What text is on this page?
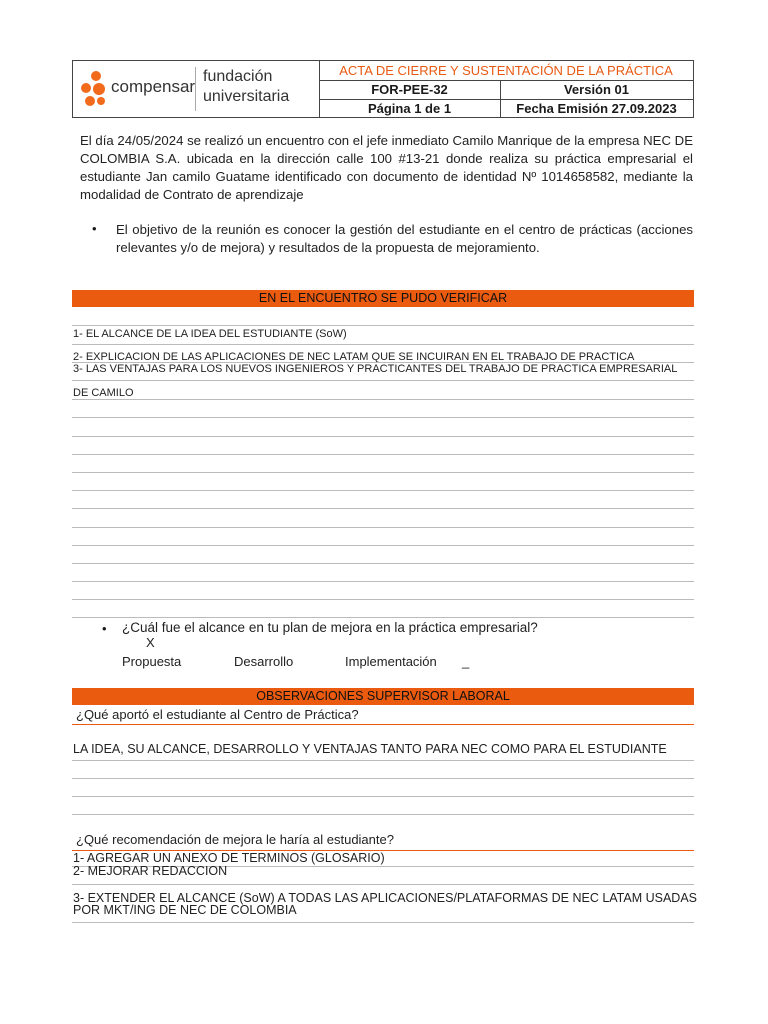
compensar
fundación
universitaria
ACTA DE CIERRE Y SUSTENTACIÓN DE LA PRÁCTICA
FOR-PEE-32	Versión 01
Página 1 de 1	Fecha Emisión 27.09.2023
El día 24/05/2024 se realizó un encuentro con el jefe inmediato Camilo Manrique de la empresa NEC DE COLOMBIA S.A. ubicada en la dirección calle 100 #13-21 donde realiza su práctica empresarial el estudiante Jan camilo Guatame identificado con documento de identidad Nº 1014658582, mediante la modalidad de Contrato de aprendizaje
• El objetivo de la reunión es conocer la gestión del estudiante en el centro de prácticas (acciones relevantes y/o de mejora) y resultados de la propuesta de mejoramiento.
EN EL ENCUENTRO SE PUDO VERIFICAR
1- EL ALCANCE DE LA IDEA DEL ESTUDIANTE (SoW)
2- EXPLICACION DE LAS APLICACIONES DE NEC LATAM QUE SE INCUIRAN EN EL TRABAJO DE PRACTICA
3- LAS VENTAJAS PARA LOS NUEVOS INGENIEROS Y PRACTICANTES DEL TRABAJO DE PRACTICA EMPRESARIAL
DE CAMILO
• ¿Cuál fue el alcance en tu plan de mejora en la práctica empresarial?
X
Propuesta	Desarrollo	Implementación _
OBSERVACIONES SUPERVISOR LABORAL
¿Qué aportó el estudiante al Centro de Práctica?
LA IDEA, SU ALCANCE, DESARROLLO Y VENTAJAS TANTO PARA NEC COMO PARA EL ESTUDIANTE
¿Qué recomendación de mejora le haría al estudiante?
1- AGREGAR UN ANEXO DE TERMINOS (GLOSARIO)
2- MEJORAR REDACCION
3- EXTENDER EL ALCANCE (SoW) A TODAS LAS APLICACIONES/PLATAFORMAS DE NEC LATAM USADAS
POR MKT/ING DE NEC DE COLOMBIA
